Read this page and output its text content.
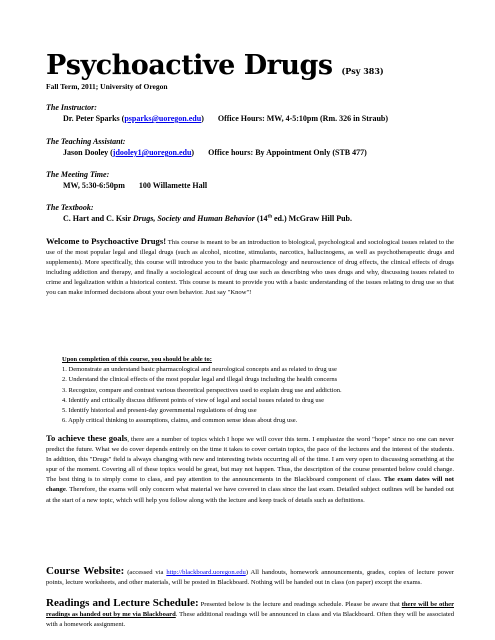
Psychoactive Drugs (Psy 383)
Fall Term, 2011; University of Oregon
The Instructor:
Dr. Peter Sparks (psparks@uoregon.edu) Office Hours: MW, 4-5:10pm (Rm. 326 in Straub)
The Teaching Assistant:
Jason Dooley (jdooley1@uoregon.edu) Office hours: By Appointment Only (STB 477)
The Meeting Time:
MW, 5:30-6:50pm 100 Willamette Hall
The Textbook:
C. Hart and C. Ksir Drugs, Society and Human Behavior (14th ed.) McGraw Hill Pub.
Welcome to Psychoactive Drugs! This course is meant to be an introduction to biological, psychological and sociological issues related to the use of the most popular legal and illegal drugs (such as alcohol, nicotine, stimulants, narcotics, hallucinogens, as well as psychotherapeutic drugs and supplements). More specifically, this course will introduce you to the basic pharmacology and neuroscience of drug effects, the clinical effects of drugs including addiction and therapy, and finally a sociological account of drug use such as describing who uses drugs and why, discussing issues related to crime and legalization within a historical context. This course is meant to provide you with a basic understanding of the issues relating to drug use so that you can make informed decisions about your own behavior. Just say "Know"!
Upon completion of this course, you should be able to:
1. Demonstrate an understand basic pharmacological and neurological concepts and as related to drug use
2. Understand the clinical effects of the most popular legal and illegal drugs including the health concerns
3. Recognize, compare and contrast various theoretical perspectives used to explain drug use and addiction.
4. Identify and critically discuss different points of view of legal and social issues related to drug use
5. Identify historical and present-day governmental regulations of drug use
6. Apply critical thinking to assumptions, claims, and common sense ideas about drug use.
To achieve these goals, there are a number of topics which I hope we will cover this term. I emphasize the word "hope" since no one can never predict the future. What we do cover depends entirely on the time it takes to cover certain topics, the pace of the lectures and the interest of the students. In addition, this "Drugs" field is always changing with new and interesting twists occurring all of the time. I am very open to discussing something at the spur of the moment. Covering all of these topics would be great, but may not happen. Thus, the description of the course presented below could change. The best thing is to simply come to class, and pay attention to the announcements in the Blackboard component of class. The exam dates will not change. Therefore, the exams will only concern what material we have covered in class since the last exam. Detailed subject outlines will be handed out at the start of a new topic, which will help you follow along with the lecture and keep track of details such as definitions.
Course Website: (accessed via http://blackboard.uoregon.edu) All handouts, homework announcements, grades, copies of lecture power points, lecture worksheets, and other materials, will be posted in Blackboard. Nothing will be handed out in class (on paper) except the exams.
Readings and Lecture Schedule: Presented below is the lecture and readings schedule. Please be aware that there will be other readings as handed out by me via Blackboard. These additional readings will be announced in class and via Blackboard. Often they will be associated with a homework assignment.
